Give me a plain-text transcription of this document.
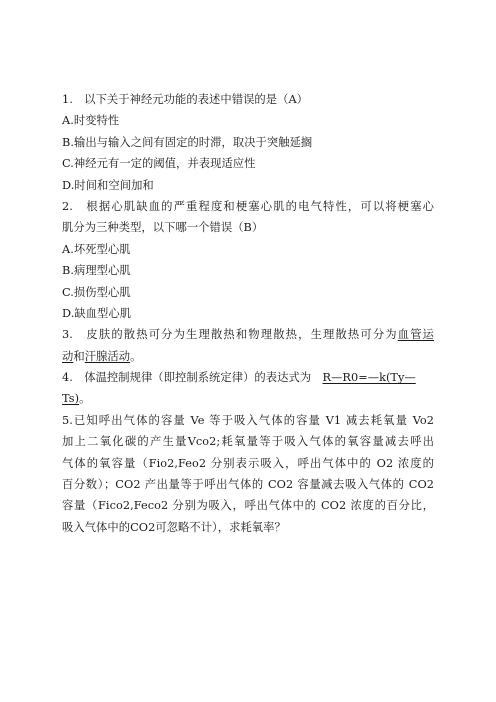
1.　以下关于神经元功能的表述中错误的是（A）
A.时变特性
B.输出与输入之间有固定的时滞，取决于突触延搁
C.神经元有一定的阈值，并表现适应性
D.时间和空间加和
2.　根据心肌缺血的严重程度和梗塞心肌的电气特性，可以将梗塞心
肌分为三种类型，以下哪一个错误（B）
A.坏死型心肌
B.病理型心肌
C.损伤型心肌
D.缺血型心肌
3.　皮肤的散热可分为生理散热和物理散热，生理散热可分为血管运
动和汗腺活动。
4.　体温控制规律（即控制系统定律）的表达式为　R—R0=—k(Ty—
Ts)。
5.已知呼出气体的容量 Ve 等于吸入气体的容量 V1 减去耗氧量 Vo2
加上二氧化碳的产生量Vco2;耗氧量等于吸入气体的氧容量减去呼出
气体的氧容量（Fio2,Feo2 分别表示吸入，呼出气体中的 O2 浓度的
百分数）；CO2 产出量等于呼出气体的 CO2 容量减去吸入气体的 CO2
容量（Fico2,Feco2 分别为吸入，呼出气体中的 CO2 浓度的百分比，
吸入气体中的CO2可忽略不计），求耗氧率？
